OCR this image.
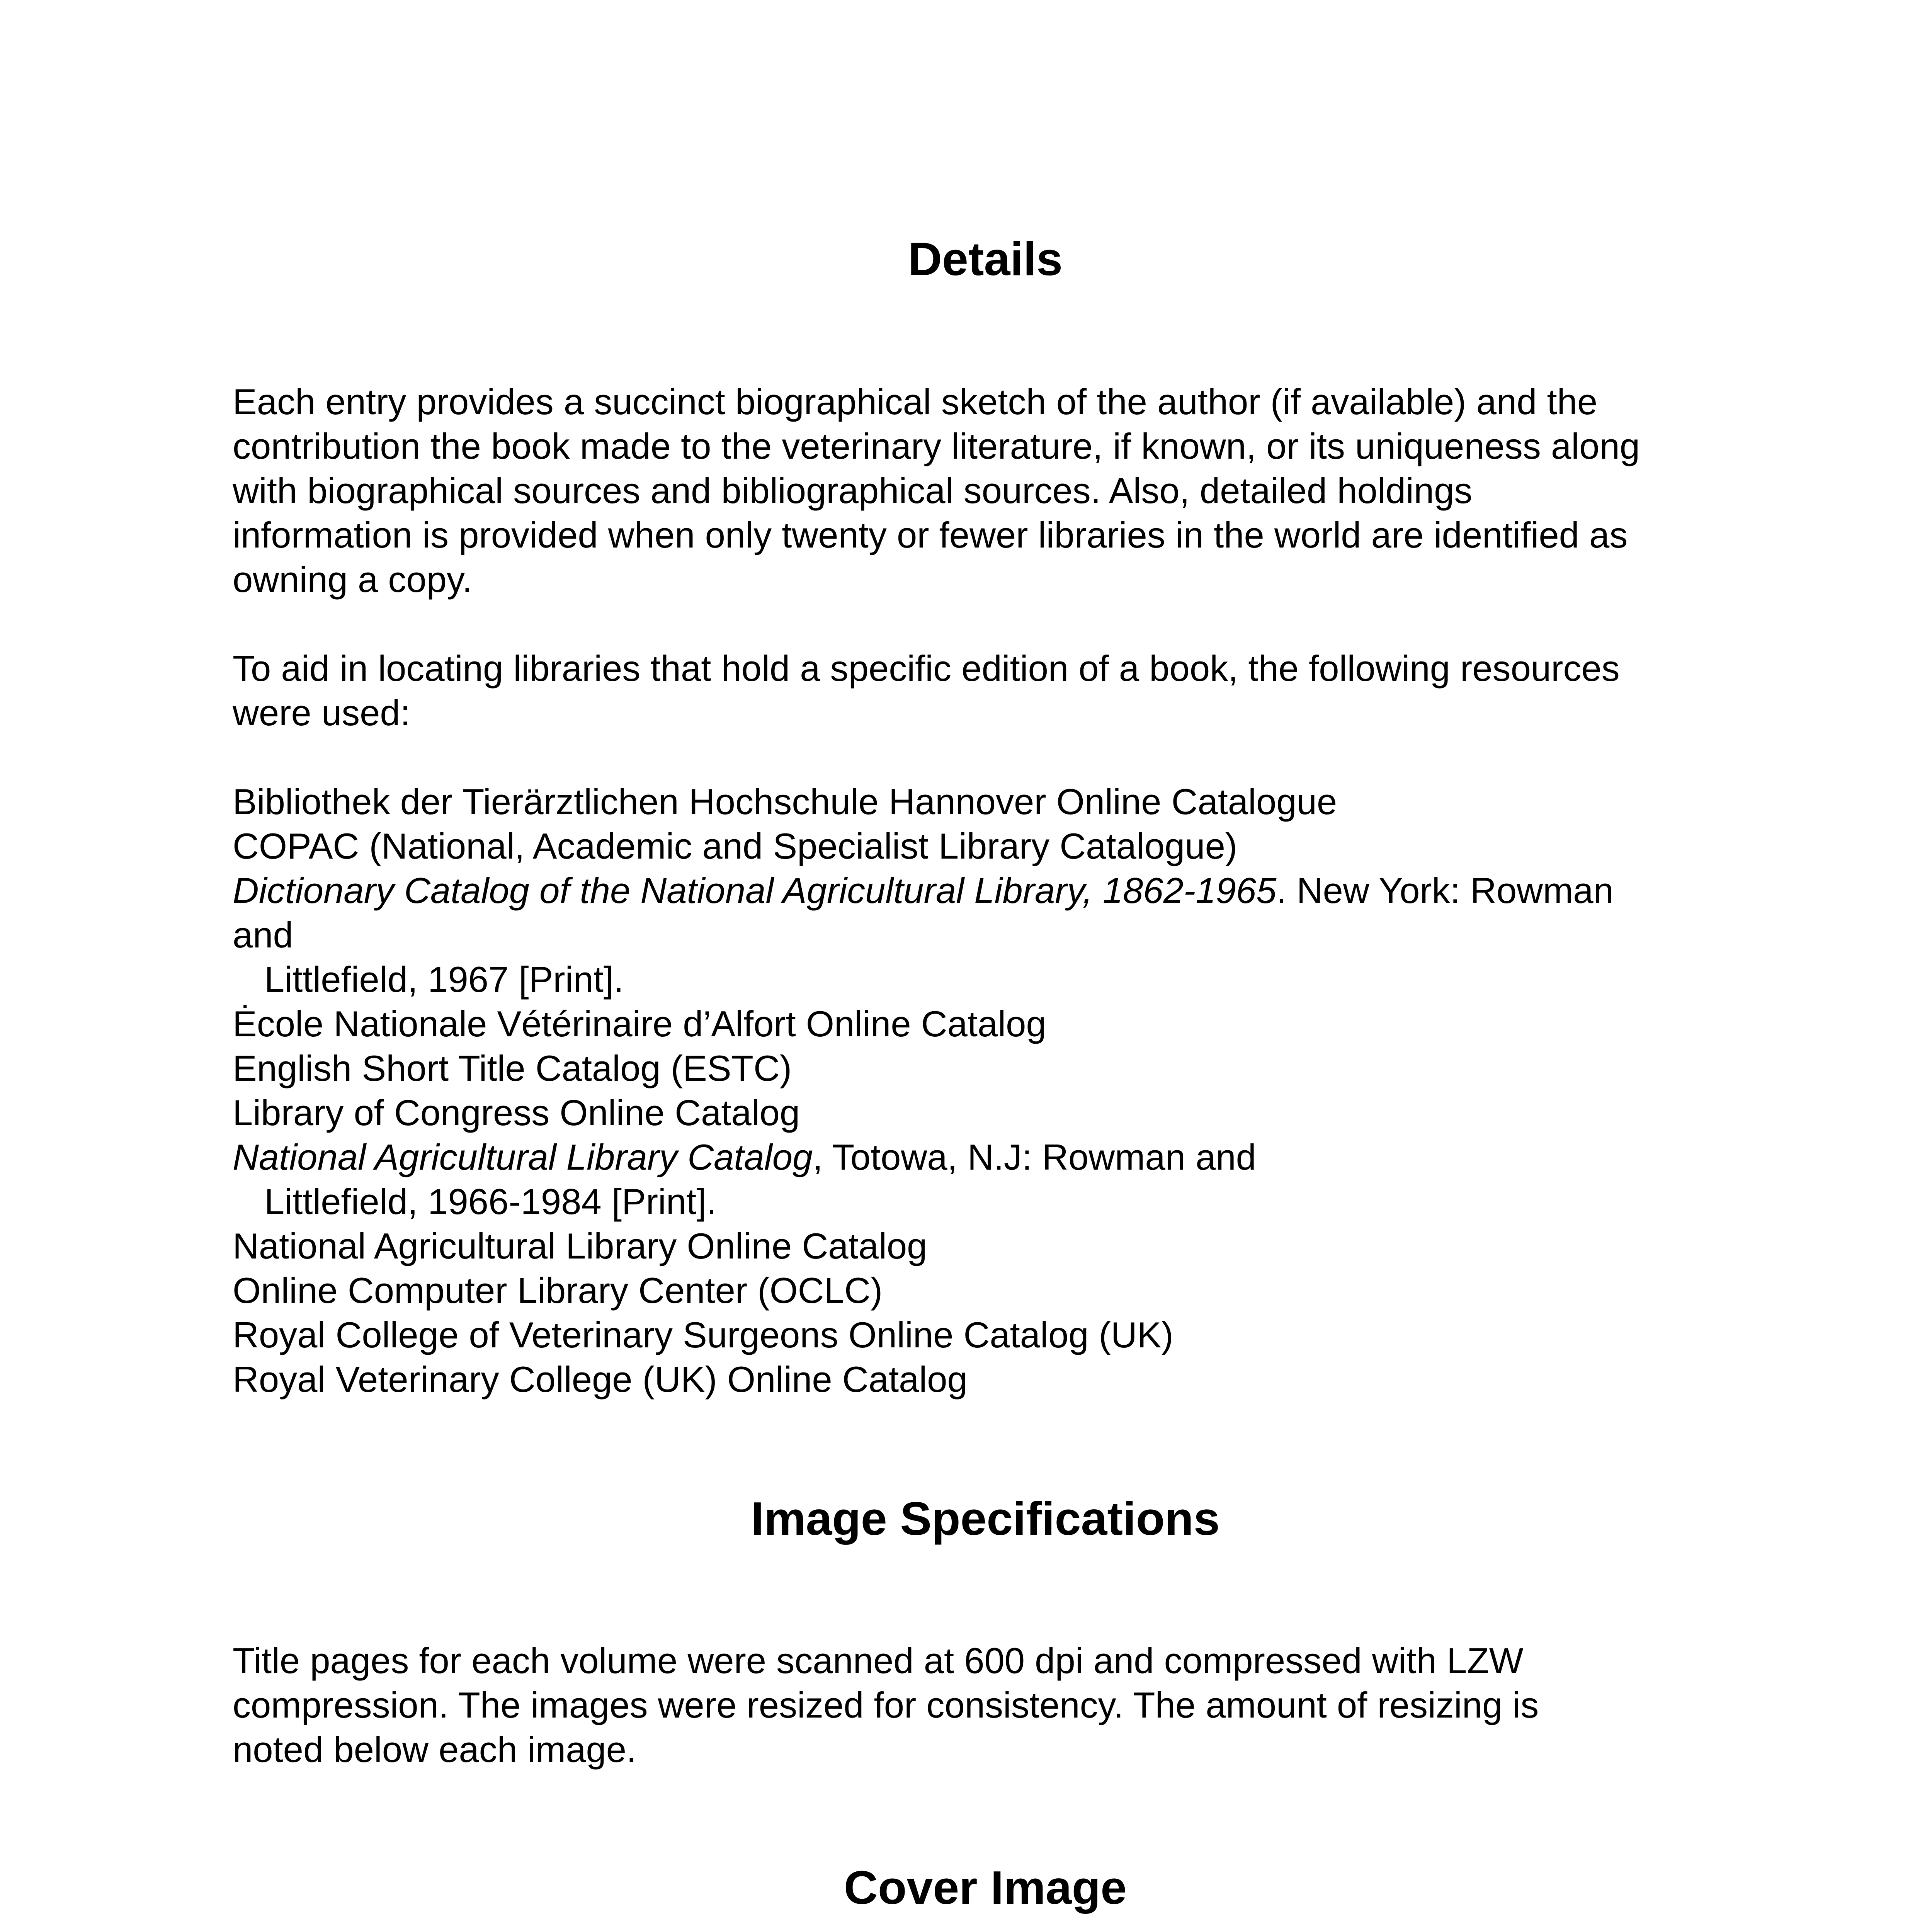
Details
Each entry provides a succinct biographical sketch of the author (if available) and the
contribution the book made to the veterinary literature, if known, or its uniqueness along
with biographical sources and bibliographical sources. Also, detailed holdings
information is provided when only twenty or fewer libraries in the world are identified as
owning a copy.
To aid in locating libraries that hold a specific edition of a book, the following resources
were used:
Bibliothek der Tierärztlichen Hochschule Hannover Online Catalogue
COPAC (National, Academic and Specialist Library Catalogue)
Dictionary Catalog of the National Agricultural Library, 1862-1965. New York: Rowman
and
Littlefield, 1967 [Print].
Ėcole Nationale Vétérinaire d’Alfort Online Catalog
English Short Title Catalog (ESTC)
Library of Congress Online Catalog
National Agricultural Library Catalog, Totowa, N.J: Rowman and
Littlefield, 1966-1984 [Print].
National Agricultural Library Online Catalog
Online Computer Library Center (OCLC)
Royal College of Veterinary Surgeons Online Catalog (UK)
Royal Veterinary College (UK) Online Catalog
Image Specifications
Title pages for each volume were scanned at 600 dpi and compressed with LZW
compression. The images were resized for consistency. The amount of resizing is
noted below each image.
Cover Image
